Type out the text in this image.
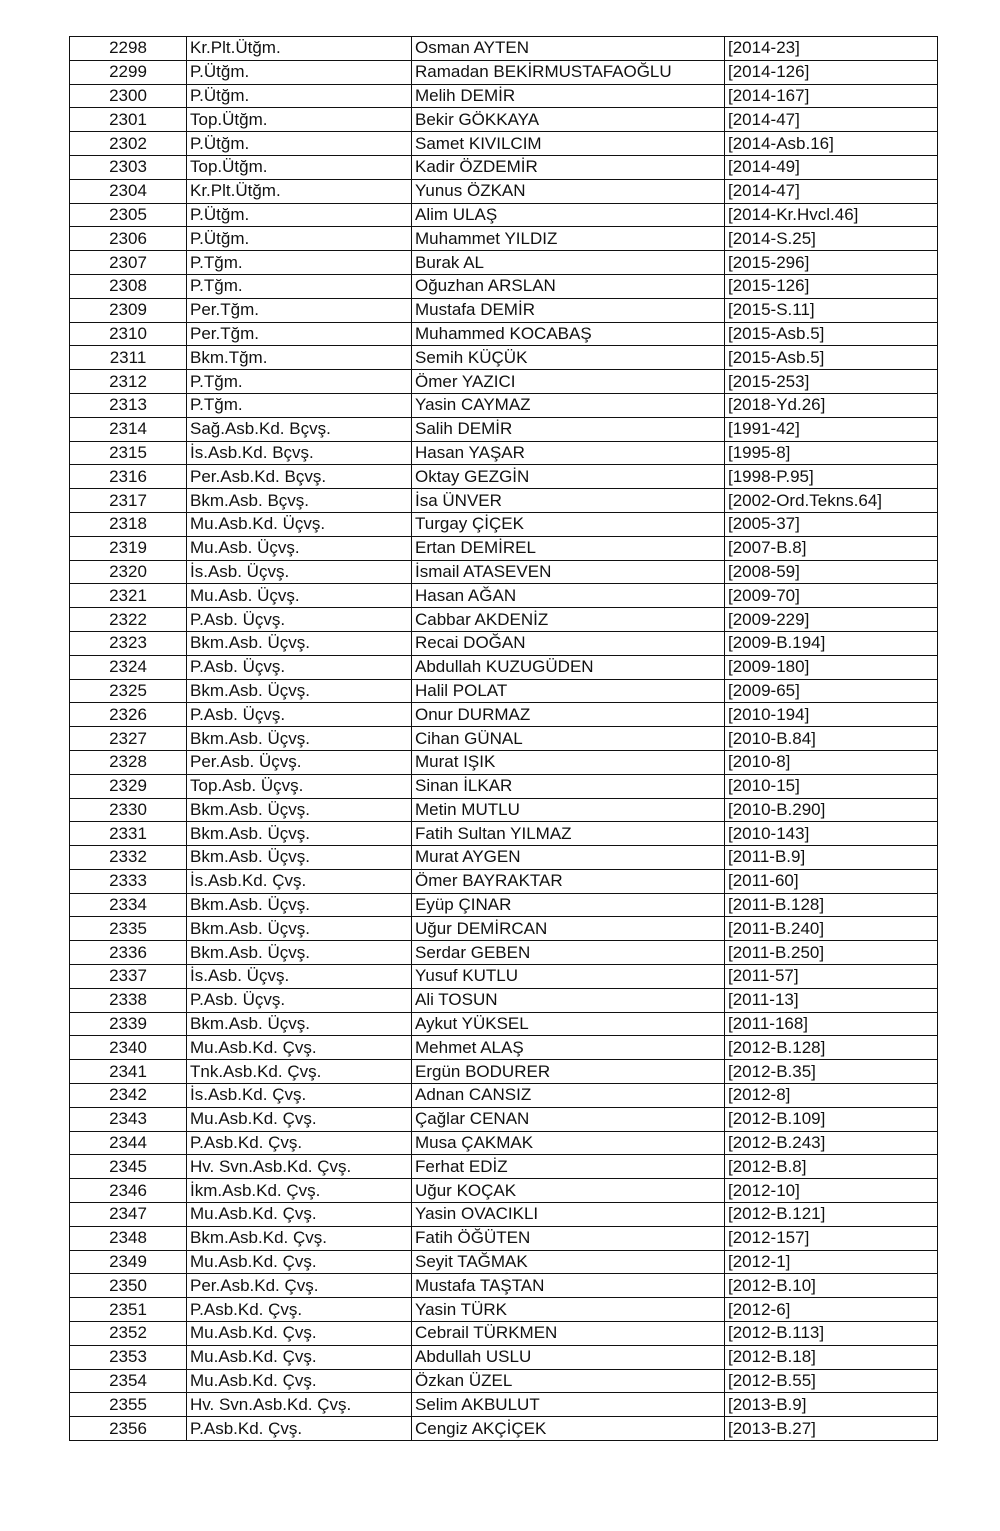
2298	Kr.Plt.Ütğm.	Osman AYTEN	[2014-23]
2299	P.Ütğm.	Ramadan BEKİRMUSTAFAOĞLU	[2014-126]
2300	P.Ütğm.	Melih DEMİR	[2014-167]
2301	Top.Ütğm.	Bekir GÖKKAYA	[2014-47]
2302	P.Ütğm.	Samet KIVILCIM	[2014-Asb.16]
2303	Top.Ütğm.	Kadir ÖZDEMİR	[2014-49]
2304	Kr.Plt.Ütğm.	Yunus ÖZKAN	[2014-47]
2305	P.Ütğm.	Alim ULAŞ	[2014-Kr.Hvcl.46]
2306	P.Ütğm.	Muhammet YILDIZ	[2014-S.25]
2307	P.Tğm.	Burak AL	[2015-296]
2308	P.Tğm.	Oğuzhan ARSLAN	[2015-126]
2309	Per.Tğm.	Mustafa DEMİR	[2015-S.11]
2310	Per.Tğm.	Muhammed KOCABAŞ	[2015-Asb.5]
2311	Bkm.Tğm.	Semih KÜÇÜK	[2015-Asb.5]
2312	P.Tğm.	Ömer YAZICI	[2015-253]
2313	P.Tğm.	Yasin CAYMAZ	[2018-Yd.26]
2314	Sağ.Asb.Kd. Bçvş.	Salih DEMİR	[1991-42]
2315	İs.Asb.Kd. Bçvş.	Hasan YAŞAR	[1995-8]
2316	Per.Asb.Kd. Bçvş.	Oktay GEZGİN	[1998-P.95]
2317	Bkm.Asb. Bçvş.	İsa ÜNVER	[2002-Ord.Tekns.64]
2318	Mu.Asb.Kd. Üçvş.	Turgay ÇİÇEK	[2005-37]
2319	Mu.Asb. Üçvş.	Ertan DEMİREL	[2007-B.8]
2320	İs.Asb. Üçvş.	İsmail ATASEVEN	[2008-59]
2321	Mu.Asb. Üçvş.	Hasan AĞAN	[2009-70]
2322	P.Asb. Üçvş.	Cabbar AKDENİZ	[2009-229]
2323	Bkm.Asb. Üçvş.	Recai DOĞAN	[2009-B.194]
2324	P.Asb. Üçvş.	Abdullah KUZUGÜDEN	[2009-180]
2325	Bkm.Asb. Üçvş.	Halil POLAT	[2009-65]
2326	P.Asb. Üçvş.	Onur DURMAZ	[2010-194]
2327	Bkm.Asb. Üçvş.	Cihan GÜNAL	[2010-B.84]
2328	Per.Asb. Üçvş.	Murat IŞIK	[2010-8]
2329	Top.Asb. Üçvş.	Sinan İLKAR	[2010-15]
2330	Bkm.Asb. Üçvş.	Metin MUTLU	[2010-B.290]
2331	Bkm.Asb. Üçvş.	Fatih Sultan YILMAZ	[2010-143]
2332	Bkm.Asb. Üçvş.	Murat AYGEN	[2011-B.9]
2333	İs.Asb.Kd. Çvş.	Ömer BAYRAKTAR	[2011-60]
2334	Bkm.Asb. Üçvş.	Eyüp ÇINAR	[2011-B.128]
2335	Bkm.Asb. Üçvş.	Uğur DEMİRCAN	[2011-B.240]
2336	Bkm.Asb. Üçvş.	Serdar GEBEN	[2011-B.250]
2337	İs.Asb. Üçvş.	Yusuf KUTLU	[2011-57]
2338	P.Asb. Üçvş.	Ali TOSUN	[2011-13]
2339	Bkm.Asb. Üçvş.	Aykut YÜKSEL	[2011-168]
2340	Mu.Asb.Kd. Çvş.	Mehmet ALAŞ	[2012-B.128]
2341	Tnk.Asb.Kd. Çvş.	Ergün BODURER	[2012-B.35]
2342	İs.Asb.Kd. Çvş.	Adnan CANSIZ	[2012-8]
2343	Mu.Asb.Kd. Çvş.	Çağlar CENAN	[2012-B.109]
2344	P.Asb.Kd. Çvş.	Musa ÇAKMAK	[2012-B.243]
2345	Hv. Svn.Asb.Kd. Çvş.	Ferhat EDİZ	[2012-B.8]
2346	İkm.Asb.Kd. Çvş.	Uğur KOÇAK	[2012-10]
2347	Mu.Asb.Kd. Çvş.	Yasin OVACIKLI	[2012-B.121]
2348	Bkm.Asb.Kd. Çvş.	Fatih ÖĞÜTEN	[2012-157]
2349	Mu.Asb.Kd. Çvş.	Seyit TAĞMAK	[2012-1]
2350	Per.Asb.Kd. Çvş.	Mustafa TAŞTAN	[2012-B.10]
2351	P.Asb.Kd. Çvş.	Yasin TÜRK	[2012-6]
2352	Mu.Asb.Kd. Çvş.	Cebrail TÜRKMEN	[2012-B.113]
2353	Mu.Asb.Kd. Çvş.	Abdullah USLU	[2012-B.18]
2354	Mu.Asb.Kd. Çvş.	Özkan ÜZEL	[2012-B.55]
2355	Hv. Svn.Asb.Kd. Çvş.	Selim AKBULUT	[2013-B.9]
2356	P.Asb.Kd. Çvş.	Cengiz AKÇİÇEK	[2013-B.27]
